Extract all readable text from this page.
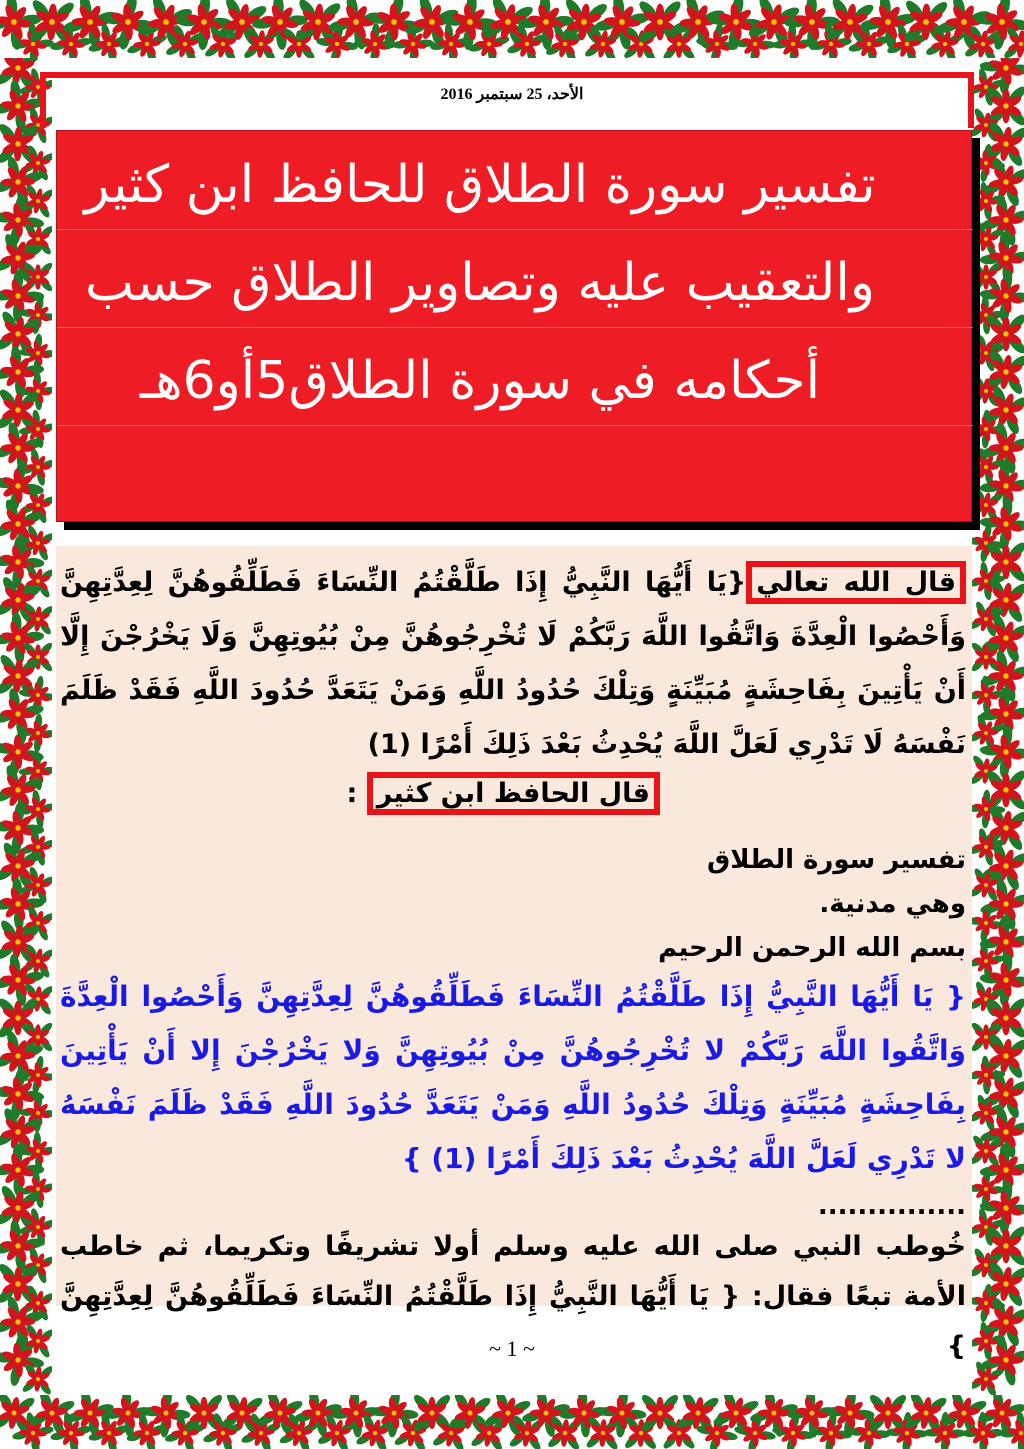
الأحد، 25 سبتمبر 2016
تفسير سورة الطلاق للحافظ ابن كثير والتعقيب عليه وتصاوير الطلاق حسب أحكامه في سورة الطلاق5أو6هـ
قال الله تعالي{يَا أَيُّهَا النَّبِيُّ إِذَا طَلَّقْتُمُ النِّسَاءَ فَطَلِّقُوهُنَّ لِعِدَّتِهِنَّ وَأَحْصُوا الْعِدَّةَ وَاتَّقُوا اللَّهَ رَبَّكُمْ لَا تُخْرِجُوهُنَّ مِنْ بُيُوتِهِنَّ وَلَا يَخْرُجْنَ إِلَّا أَنْ يَأْتِينَ بِفَاحِشَةٍ مُبَيِّنَةٍ وَتِلْكَ حُدُودُ اللَّهِ وَمَنْ يَتَعَدَّ حُدُودَ اللَّهِ فَقَدْ ظَلَمَ نَفْسَهُ لَا تَدْرِي لَعَلَّ اللَّهَ يُحْدِثُ بَعْدَ ذَلِكَ أَمْرًا (1)
قال الحافظ ابن كثير :
تفسير سورة الطلاق
وهي مدنية.
بسم الله الرحمن الرحيم
{ يَا أَيُّهَا النَّبِيُّ إِذَا طَلَّقْتُمُ النِّسَاءَ فَطَلِّقُوهُنَّ لِعِدَّتِهِنَّ وَأَحْصُوا الْعِدَّةَ وَاتَّقُوا اللَّهَ رَبَّكُمْ لا تُخْرِجُوهُنَّ مِنْ بُيُوتِهِنَّ وَلا يَخْرُجْنَ إِلا أَنْ يَأْتِينَ بِفَاحِشَةٍ مُبَيِّنَةٍ وَتِلْكَ حُدُودُ اللَّهِ وَمَنْ يَتَعَدَّ حُدُودَ اللَّهِ فَقَدْ ظَلَمَ نَفْسَهُ لا تَدْرِي لَعَلَّ اللَّهَ يُحْدِثُ بَعْدَ ذَلِكَ أَمْرًا (1) }
...............
خُوطب النبي صلى الله عليه وسلم أولا تشريفًا وتكريما، ثم خاطب الأمة تبعًا فقال: { يَا أَيُّهَا النَّبِيُّ إِذَا طَلَّقْتُمُ النِّسَاءَ فَطَلِّقُوهُنَّ لِعِدَّتِهِنَّ }
~ 1 ~
